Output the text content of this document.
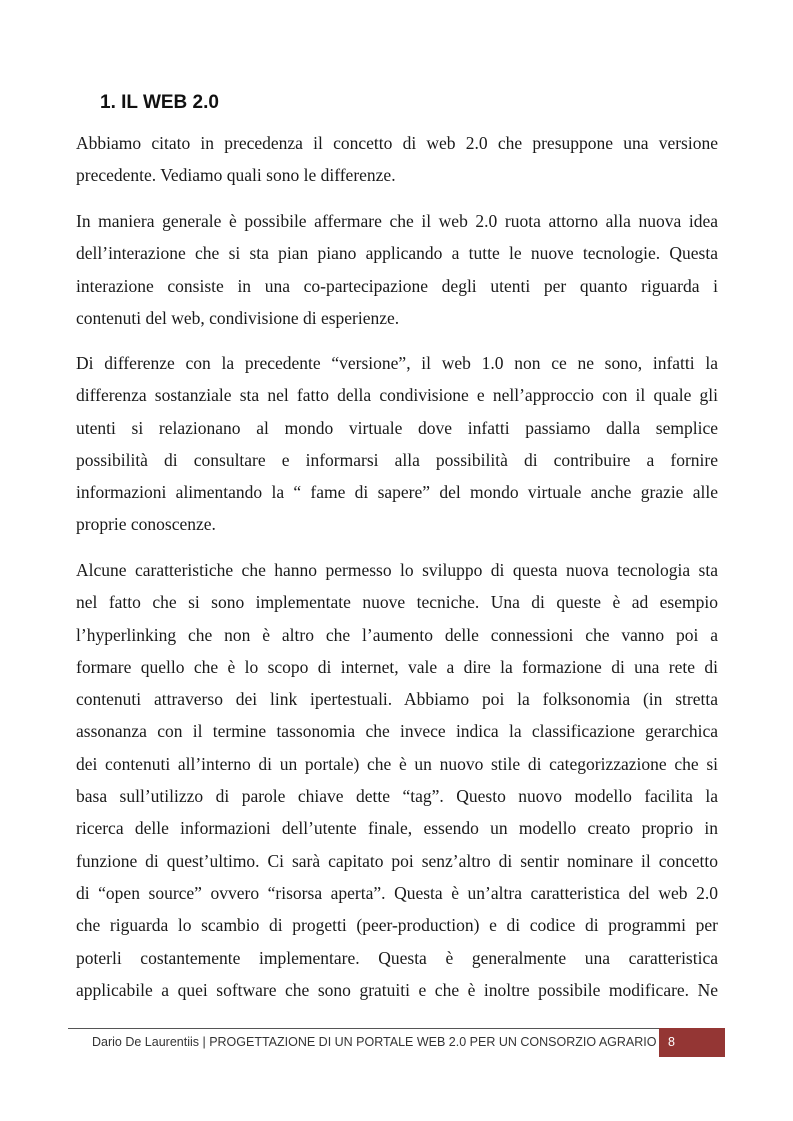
1. IL WEB 2.0

Abbiamo citato in precedenza il concetto di web 2.0 che presuppone una versione
precedente. Vediamo quali sono le differenze.

In maniera generale è possibile affermare che il web 2.0 ruota attorno alla nuova idea
dell’interazione che si sta pian piano applicando a tutte le nuove tecnologie. Questa
interazione consiste in una co-partecipazione degli utenti per quanto riguarda i
contenuti del web, condivisione di esperienze.

Di differenze con la precedente “versione”, il web 1.0 non ce ne sono, infatti la
differenza sostanziale sta nel fatto della condivisione e nell’approccio con il quale gli
utenti si relazionano al mondo virtuale dove infatti passiamo dalla semplice
possibilità di consultare e informarsi alla possibilità di contribuire a fornire
informazioni alimentando la “ fame di sapere” del mondo virtuale anche grazie alle
proprie conoscenze.

Alcune caratteristiche che hanno permesso lo sviluppo di questa nuova tecnologia sta
nel fatto che si sono implementate nuove tecniche. Una di queste è ad esempio
l’hyperlinking che non è altro che l’aumento delle connessioni che vanno poi a
formare quello che è lo scopo di internet, vale a dire la formazione di una rete di
contenuti attraverso dei link ipertestuali. Abbiamo poi la folksonomia (in stretta
assonanza con il termine tassonomia che invece indica la classificazione gerarchica
dei contenuti all’interno di un portale) che è un nuovo stile di categorizzazione che si
basa sull’utilizzo di parole chiave dette “tag”. Questo nuovo modello facilita la
ricerca delle informazioni dell’utente finale, essendo un modello creato proprio in
funzione di quest’ultimo. Ci sarà capitato poi senz’altro di sentir nominare il concetto
di “open source” ovvero “risorsa aperta”. Questa è un’altra caratteristica del web 2.0
che riguarda lo scambio di progetti (peer-production) e di codice di programmi per
poterli costantemente implementare. Questa è generalmente una caratteristica
applicabile a quei software che sono gratuiti e che è inoltre possibile modificare. Ne

Dario De Laurentiis | PROGETTAZIONE DI UN PORTALE WEB 2.0 PER UN CONSORZIO AGRARIO 8
